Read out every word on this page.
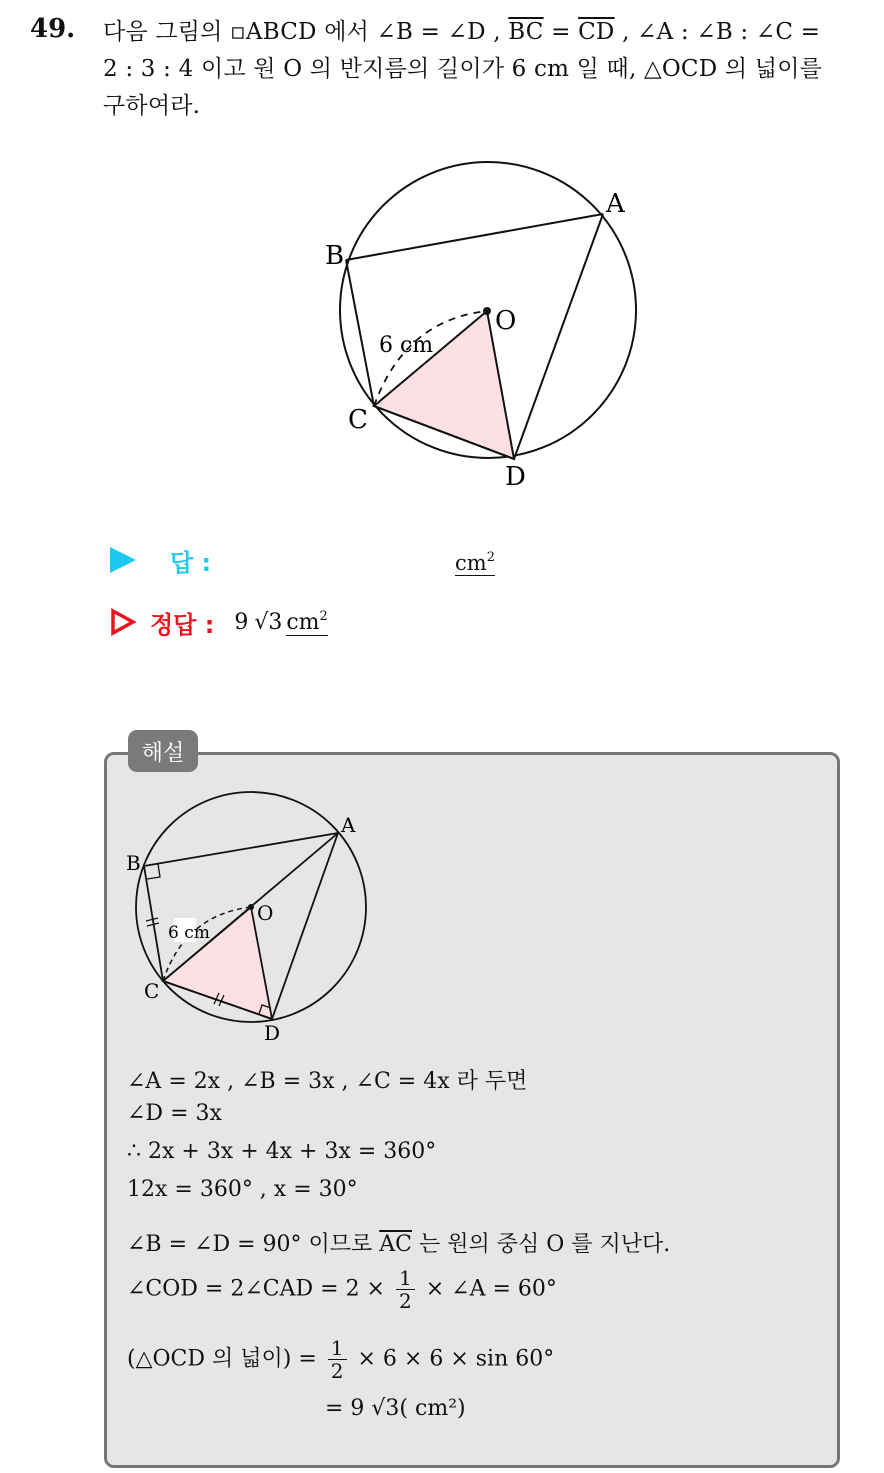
49. 다음 그림의 ▫ABCD 에서 ∠B = ∠D , $\overline{BC} = \overline{CD}$ , ∠A : ∠B : ∠C =
2 : 3 : 4 이고 원 O 의 반지름의 길이가 6 cm 일 때, △OCD 의 넓이를
구하여라.
A
B
C
D
O
6 cm
답 :	$cm^2$
정답 : 9 √3 $cm^2$
해설
A
B
C
D
O
6 cm
∠A = 2x , ∠B = 3x , ∠C = 4x 라 두면
∠D = 3x
∴ 2x + 3x + 4x + 3x = 360°
12x = 360° , x = 30°
∠B = ∠D = 90° 이므로 $\overline{AC}$ 는 원의 중심 O 를 지난다.
∠COD = 2∠CAD = $2 \times \frac{1}{2}$ × ∠A = 60°
(△OCD 의 넓이) = $\frac{1}{2} \times 6 \times 6 \times \sin 60^\circ$
= 9 √3( cm²)
